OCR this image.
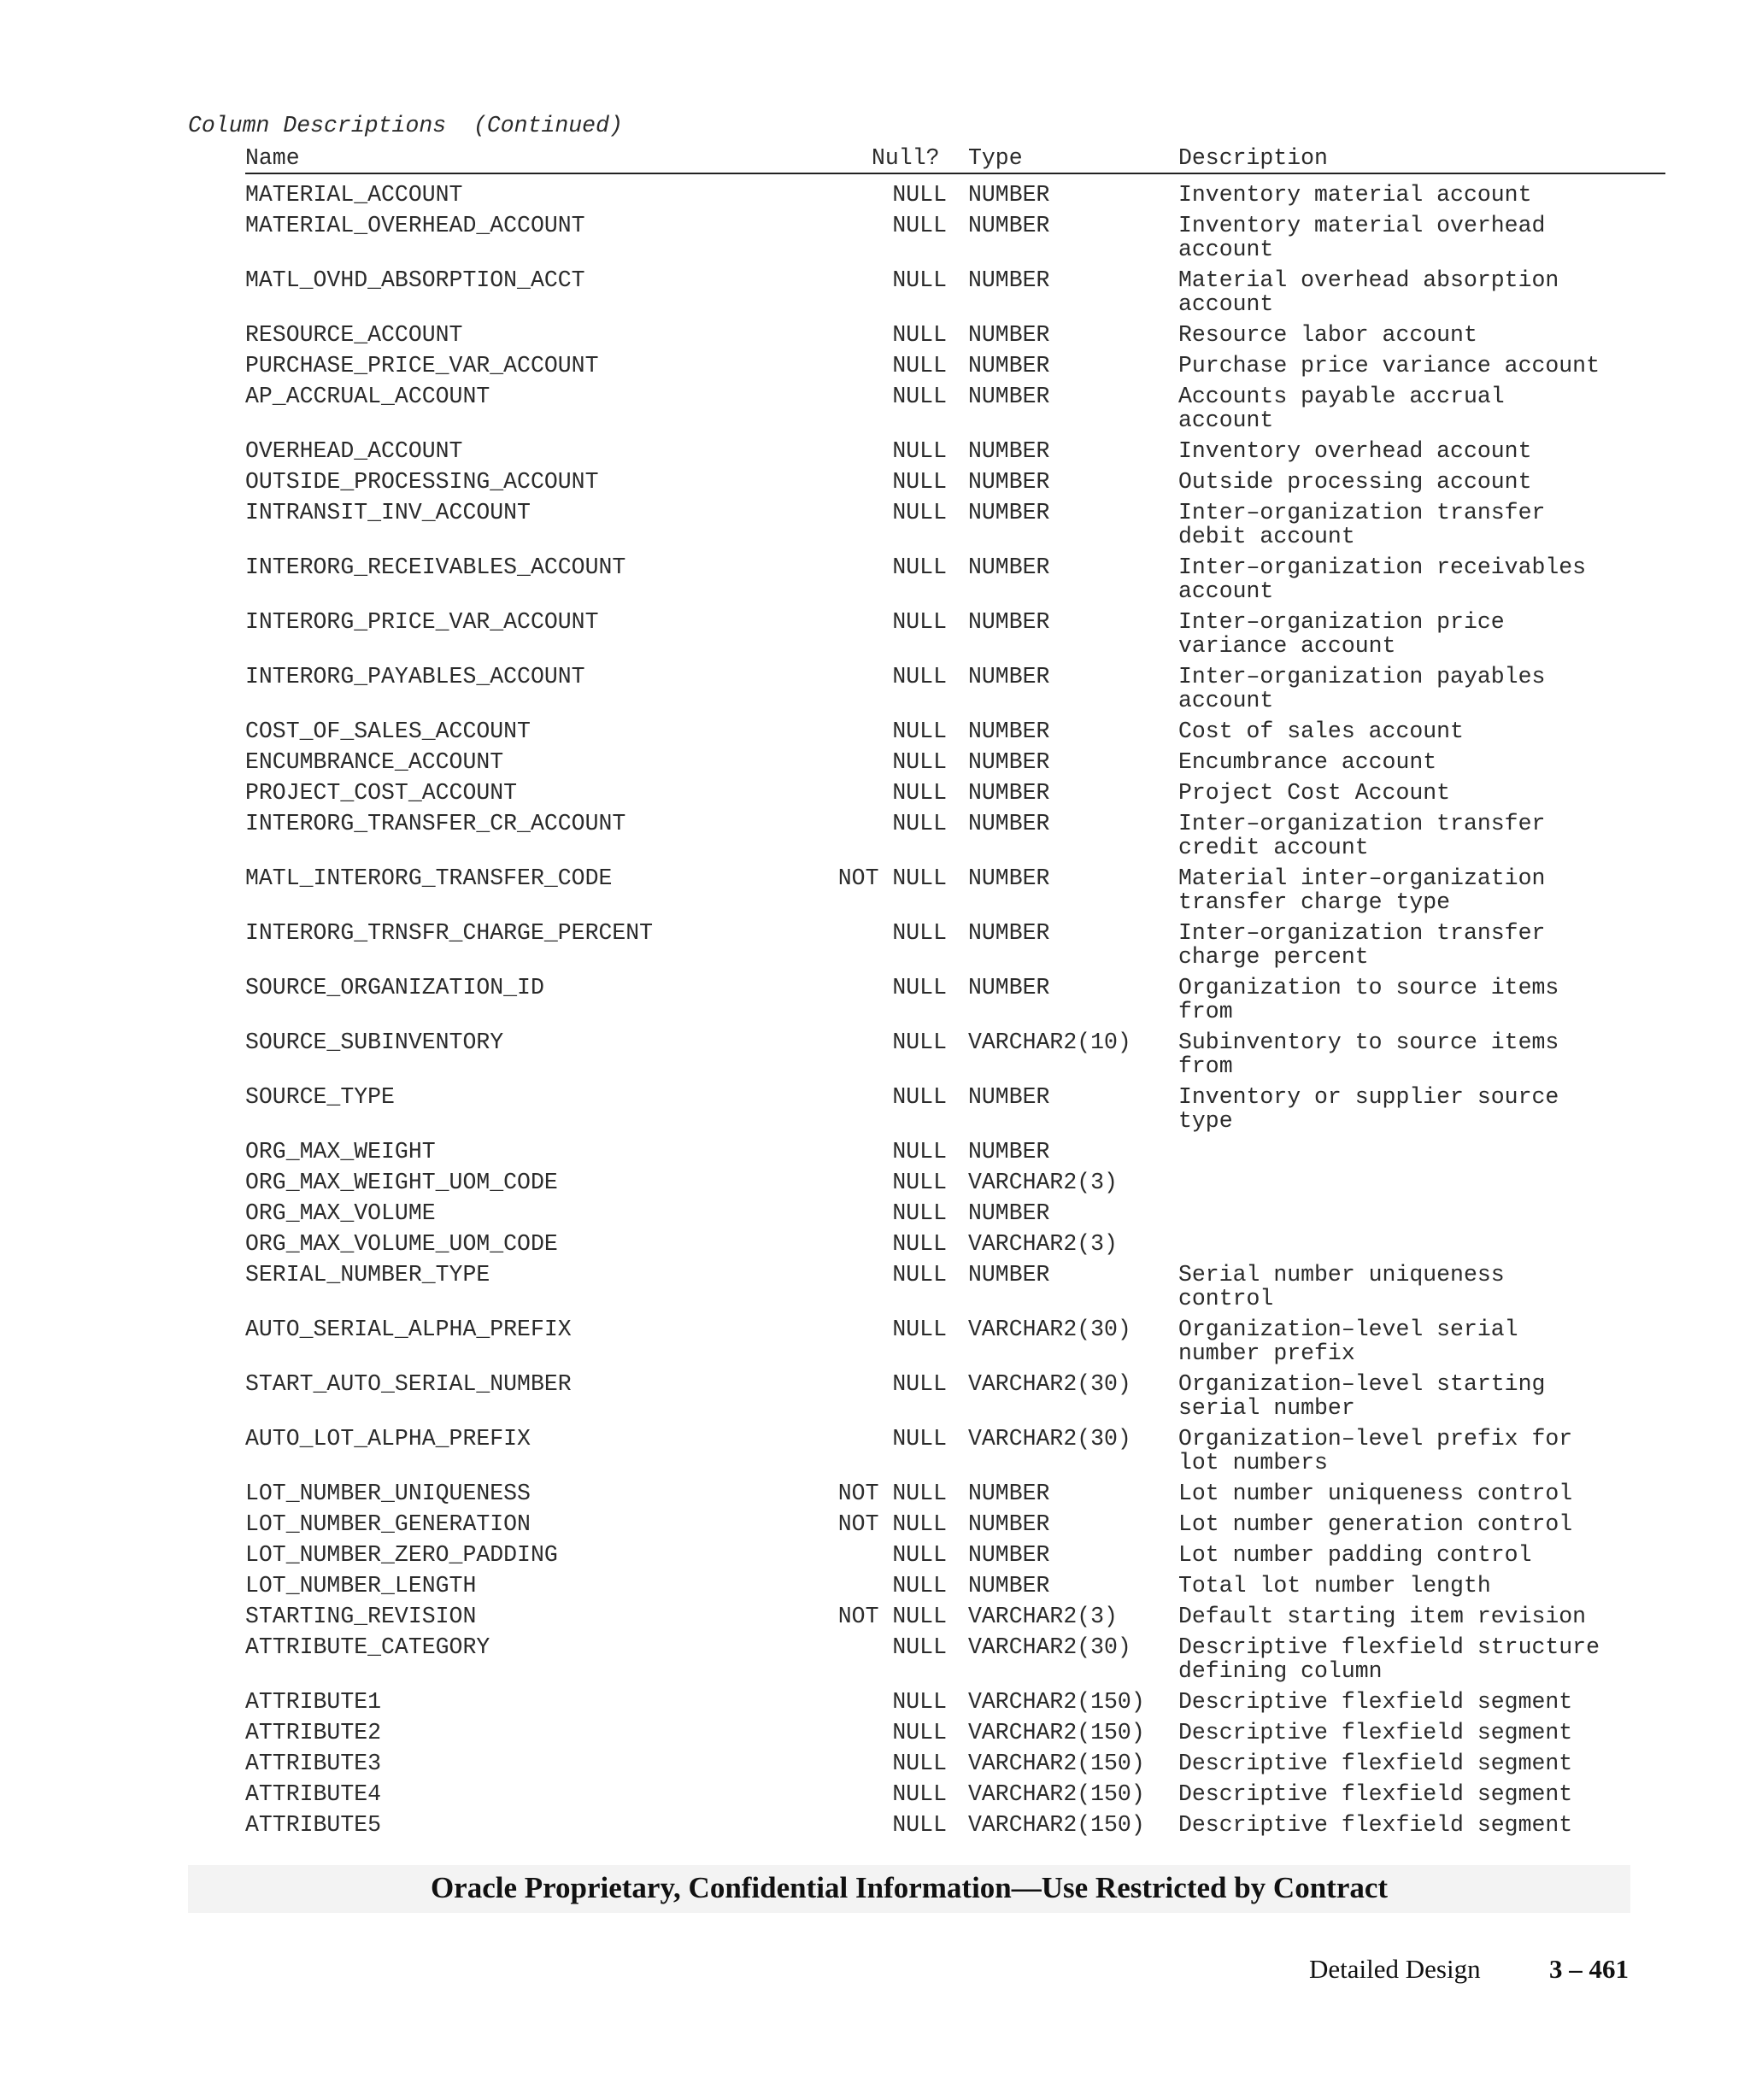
Column Descriptions  (Continued)
Name	Null? Type	Description
MATERIAL_ACCOUNT	NULL NUMBER	Inventory material account
MATERIAL_OVERHEAD_ACCOUNT	NULL NUMBER	Inventory material overhead
account
MATL_OVHD_ABSORPTION_ACCT	NULL NUMBER	Material overhead absorption
account
RESOURCE_ACCOUNT	NULL NUMBER	Resource labor account
PURCHASE_PRICE_VAR_ACCOUNT	NULL NUMBER	Purchase price variance account
AP_ACCRUAL_ACCOUNT	NULL NUMBER	Accounts payable accrual
account
OVERHEAD_ACCOUNT	NULL NUMBER	Inventory overhead account
OUTSIDE_PROCESSING_ACCOUNT	NULL NUMBER	Outside processing account
INTRANSIT_INV_ACCOUNT	NULL NUMBER	Inter–organization transfer
debit account
INTERORG_RECEIVABLES_ACCOUNT	NULL NUMBER	Inter–organization receivables
account
INTERORG_PRICE_VAR_ACCOUNT	NULL NUMBER	Inter–organization price
variance account
INTERORG_PAYABLES_ACCOUNT	NULL NUMBER	Inter–organization payables
account
COST_OF_SALES_ACCOUNT	NULL NUMBER	Cost of sales account
ENCUMBRANCE_ACCOUNT	NULL NUMBER	Encumbrance account
PROJECT_COST_ACCOUNT	NULL NUMBER	Project Cost Account
INTERORG_TRANSFER_CR_ACCOUNT	NULL NUMBER	Inter–organization transfer
credit account
MATL_INTERORG_TRANSFER_CODE	NOT NULL NUMBER	Material inter–organization
transfer charge type
INTERORG_TRNSFR_CHARGE_PERCENT	NULL NUMBER	Inter–organization transfer
charge percent
SOURCE_ORGANIZATION_ID	NULL NUMBER	Organization to source items
from
SOURCE_SUBINVENTORY	NULL VARCHAR2(10) Subinventory to source items
from
SOURCE_TYPE	NULL NUMBER	Inventory or supplier source
type
ORG_MAX_WEIGHT	NULL NUMBER
ORG_MAX_WEIGHT_UOM_CODE	NULL VARCHAR2(3)
ORG_MAX_VOLUME	NULL NUMBER
ORG_MAX_VOLUME_UOM_CODE	NULL VARCHAR2(3)
SERIAL_NUMBER_TYPE	NULL NUMBER	Serial number uniqueness
control
AUTO_SERIAL_ALPHA_PREFIX	NULL VARCHAR2(30) Organization–level serial
number prefix
START_AUTO_SERIAL_NUMBER	NULL VARCHAR2(30) Organization–level starting
serial number
AUTO_LOT_ALPHA_PREFIX	NULL VARCHAR2(30) Organization–level prefix for
lot numbers
LOT_NUMBER_UNIQUENESS	NOT NULL NUMBER	Lot number uniqueness control
LOT_NUMBER_GENERATION	NOT NULL NUMBER	Lot number generation control
LOT_NUMBER_ZERO_PADDING	NULL NUMBER	Lot number padding control
LOT_NUMBER_LENGTH	NULL NUMBER	Total lot number length
STARTING_REVISION	NOT NULL VARCHAR2(3)	Default starting item revision
ATTRIBUTE_CATEGORY	NULL VARCHAR2(30) Descriptive flexfield structure
defining column
ATTRIBUTE1	NULL VARCHAR2(150) Descriptive flexfield segment
ATTRIBUTE2	NULL VARCHAR2(150) Descriptive flexfield segment
ATTRIBUTE3	NULL VARCHAR2(150) Descriptive flexfield segment
ATTRIBUTE4	NULL VARCHAR2(150) Descriptive flexfield segment
ATTRIBUTE5	NULL VARCHAR2(150) Descriptive flexfield segment
Oracle Proprietary, Confidential Information––Use Restricted by Contract
Detailed Design	3 – 461
